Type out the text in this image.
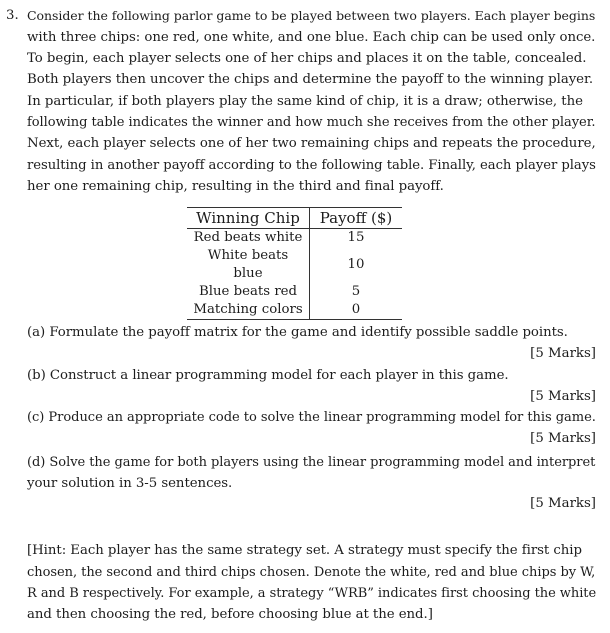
3. Consider the following parlor game to be played between two players. Each player begins
with three chips: one red, one white, and one blue. Each chip can be used only once.
To begin, each player selects one of her chips and places it on the table, concealed.
Both players then uncover the chips and determine the payoff to the winning player.
In particular, if both players play the same kind of chip, it is a draw; otherwise, the
following table indicates the winner and how much she receives from the other player.
Next, each player selects one of her two remaining chips and repeats the procedure,
resulting in another payoff according to the following table. Finally, each player plays
her one remaining chip, resulting in the third and final payoff.
Winning Chip	Payoff ($)
Red beats white	15
White beats blue	10
Blue beats red	5
Matching colors	0
(a) Formulate the payoff matrix for the game and identify possible saddle points.
[5 Marks]
(b) Construct a linear programming model for each player in this game.
[5 Marks]
(c) Produce an appropriate code to solve the linear programming model for this game.
[5 Marks]
(d) Solve the game for both players using the linear programming model and interpret
your solution in 3-5 sentences.
[5 Marks]
[Hint: Each player has the same strategy set. A strategy must specify the first chip
chosen, the second and third chips chosen. Denote the white, red and blue chips by W,
R and B respectively. For example, a strategy “WRB” indicates first choosing the white
and then choosing the red, before choosing blue at the end.]
